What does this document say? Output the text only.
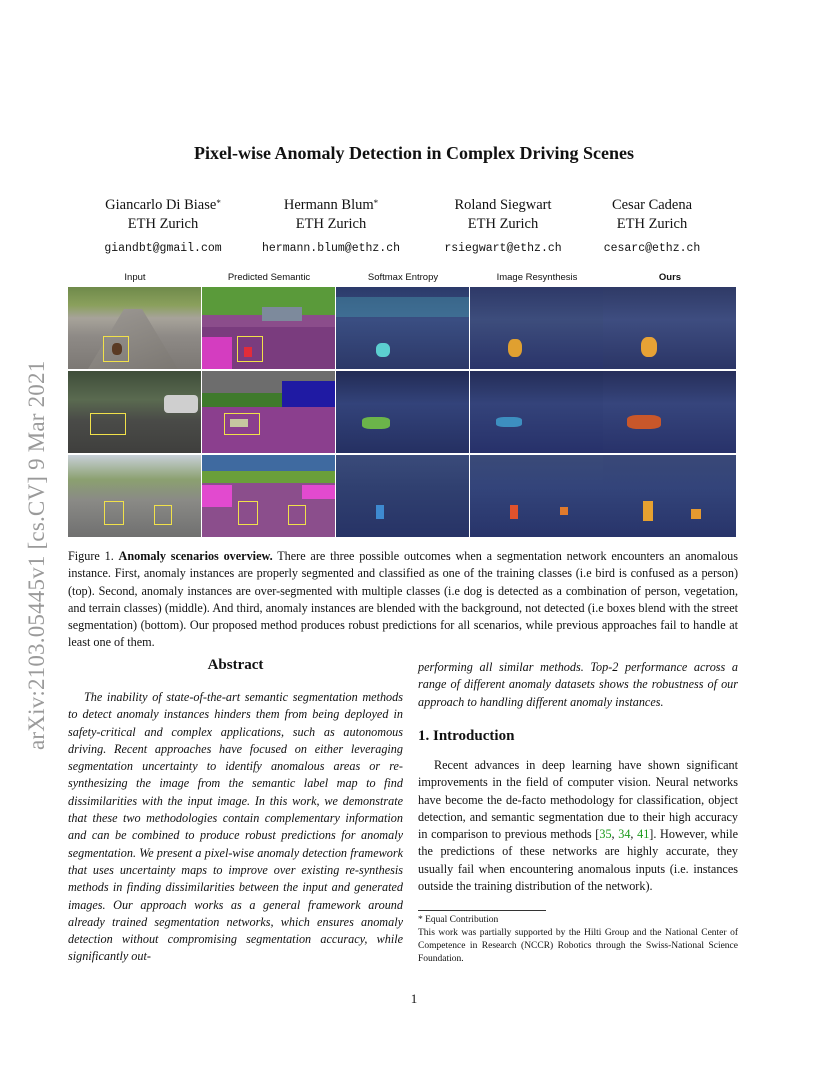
arXiv:2103.05445v1 [cs.CV] 9 Mar 2021
Pixel-wise Anomaly Detection in Complex Driving Scenes
Giancarlo Di Biase*
ETH Zurich
giandbt@gmail.com
Hermann Blum*
ETH Zurich
hermann.blum@ethz.ch
Roland Siegwart
ETH Zurich
rsiegwart@ethz.ch
Cesar Cadena
ETH Zurich
cesarc@ethz.ch
Input	Predicted Semantic	Softmax Entropy	Image Resynthesis	Ours
Figure 1. Anomaly scenarios overview. There are three possible outcomes when a segmentation network encounters an anomalous instance. First, anomaly instances are properly segmented and classified as one of the training classes (i.e bird is confused as a person) (top). Second, anomaly instances are over-segmented with multiple classes (i.e dog is detected as a combination of person, vegetation, and terrain classes) (middle). And third, anomaly instances are blended with the background, not detected (i.e boxes blend with the street segmentation) (bottom). Our proposed method produces robust predictions for all scenarios, while previous approaches fail to handle at least one of them.
Abstract

The inability of state-of-the-art semantic segmentation methods to detect anomaly instances hinders them from being deployed in safety-critical and complex applications, such as autonomous driving. Recent approaches have focused on either leveraging segmentation uncertainty to identify anomalous areas or re-synthesizing the image from the semantic label map to find dissimilarities with the input image. In this work, we demonstrate that these two methodologies contain complementary information and can be combined to produce robust predictions for anomaly segmentation. We present a pixel-wise anomaly detection framework that uses uncertainty maps to improve over existing re-synthesis methods in finding dissimilarities between the input and generated images. Our approach works as a general framework around already trained segmentation networks, which ensures anomaly detection without compromising segmentation accuracy, while significantly out-

performing all similar methods. Top-2 performance across a range of different anomaly datasets shows the robustness of our approach to handling different anomaly instances.

1. Introduction

Recent advances in deep learning have shown significant improvements in the field of computer vision. Neural networks have become the de-facto methodology for classification, object detection, and semantic segmentation due to their high accuracy in comparison to previous methods [35, 34, 41]. However, while the predictions of these networks are highly accurate, they usually fail when encountering anomalous inputs (i.e. instances outside the training distribution of the network).

* Equal Contribution
This work was partially supported by the Hilti Group and the National Center of Competence in Research (NCCR) Robotics through the Swiss-National Science Foundation.
1
